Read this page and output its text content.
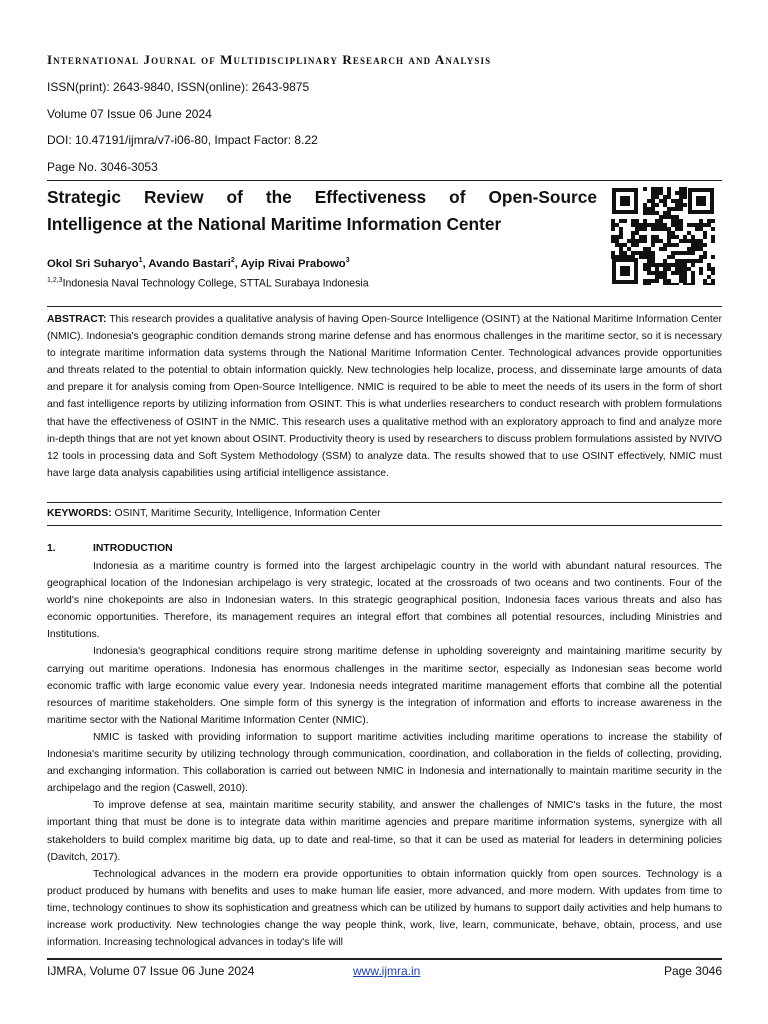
International Journal of Multidisciplinary Research and Analysis
ISSN(print): 2643-9840, ISSN(online): 2643-9875
Volume 07 Issue 06 June 2024
DOI: 10.47191/ijmra/v7-i06-80, Impact Factor: 8.22
Page No. 3046-3053
Strategic Review of the Effectiveness of Open-Source
Intelligence at the National Maritime Information Center
Okol Sri Suharyo$^1$, Avando Bastari$^2$, Ayip Rivai Prabowo$^3$
$^{1,2,3}$Indonesia Naval Technology College, STTAL Surabaya Indonesia
ABSTRACT: This research provides a qualitative analysis of having Open-Source Intelligence (OSINT) at the National Maritime Information Center (NMIC). Indonesia's geographic condition demands strong marine defense and has enormous challenges in the maritime sector, so it is necessary to integrate maritime information data systems through the National Maritime Information Center. Technological advances provide opportunities and threats related to the potential to obtain information quickly. New technologies help localize, process, and disseminate large amounts of data and prepare it for analysis coming from Open-Source Intelligence. NMIC is required to be able to meet the needs of its users in the form of short and fast intelligence reports by utilizing information from OSINT. This is what underlies researchers to conduct research with problem formulations that have the effectiveness of OSINT in the NMIC. This research uses a qualitative method with an exploratory approach to find and analyze more in-depth things that are not yet known about OSINT. Productivity theory is used by researchers to discuss problem formulations assisted by NVIVO 12 tools in processing data and Soft System Methodology (SSM) to analyze data. The results showed that to use OSINT effectively, NMIC must have large data analysis capabilities using artificial intelligence assistance.
KEYWORDS: OSINT, Maritime Security, Intelligence, Information Center
1.	INTRODUCTION

Indonesia as a maritime country is formed into the largest archipelagic country in the world with abundant natural resources. The geographical location of the Indonesian archipelago is very strategic, located at the crossroads of two oceans and two continents. Four of the world's nine chokepoints are also in Indonesian waters. In this strategic geographical position, Indonesia faces various threats and also has economic opportunities. Therefore, its management requires an integral effort that combines all potential resources, including Ministries and Institutions.

Indonesia's geographical conditions require strong maritime defense in upholding sovereignty and maintaining maritime security by carrying out maritime operations. Indonesia has enormous challenges in the maritime sector, especially as Indonesian seas become world economic traffic with large economic value every year. Indonesia needs integrated maritime management efforts that combine all the potential resources of maritime stakeholders. One simple form of this synergy is the integration of information and efforts to increase awareness in the maritime sector with the National Maritime Information Center (NMIC).

NMIC is tasked with providing information to support maritime activities including maritime operations to increase the stability of Indonesia's maritime security by utilizing technology through communication, coordination, and collaboration in the fields of collecting, providing, and exchanging information. This collaboration is carried out between NMIC in Indonesia and internationally to maintain maritime security in the archipelago and the region (Caswell, 2010).

To improve defense at sea, maintain maritime security stability, and answer the challenges of NMIC's tasks in the future, the most important thing that must be done is to integrate data within maritime agencies and prepare maritime information systems, synergize with all stakeholders to build complex maritime big data, up to date and real-time, so that it can be used as material for leaders in determining policies (Davitch, 2017).

Technological advances in the modern era provide opportunities to obtain information quickly from open sources. Technology is a product produced by humans with benefits and uses to make human life easier, more advanced, and more modern. With updates from time to time, technology continues to show its sophistication and greatness which can be utilized by humans to support daily activities and help humans to increase work productivity. New technologies change the way people think, work, live, learn, communicate, behave, obtain, process, and use information. Increasing technological advances in today's life will

IJMRA, Volume 07 Issue 06 June 2024	www.ijmra.in	Page 3046
